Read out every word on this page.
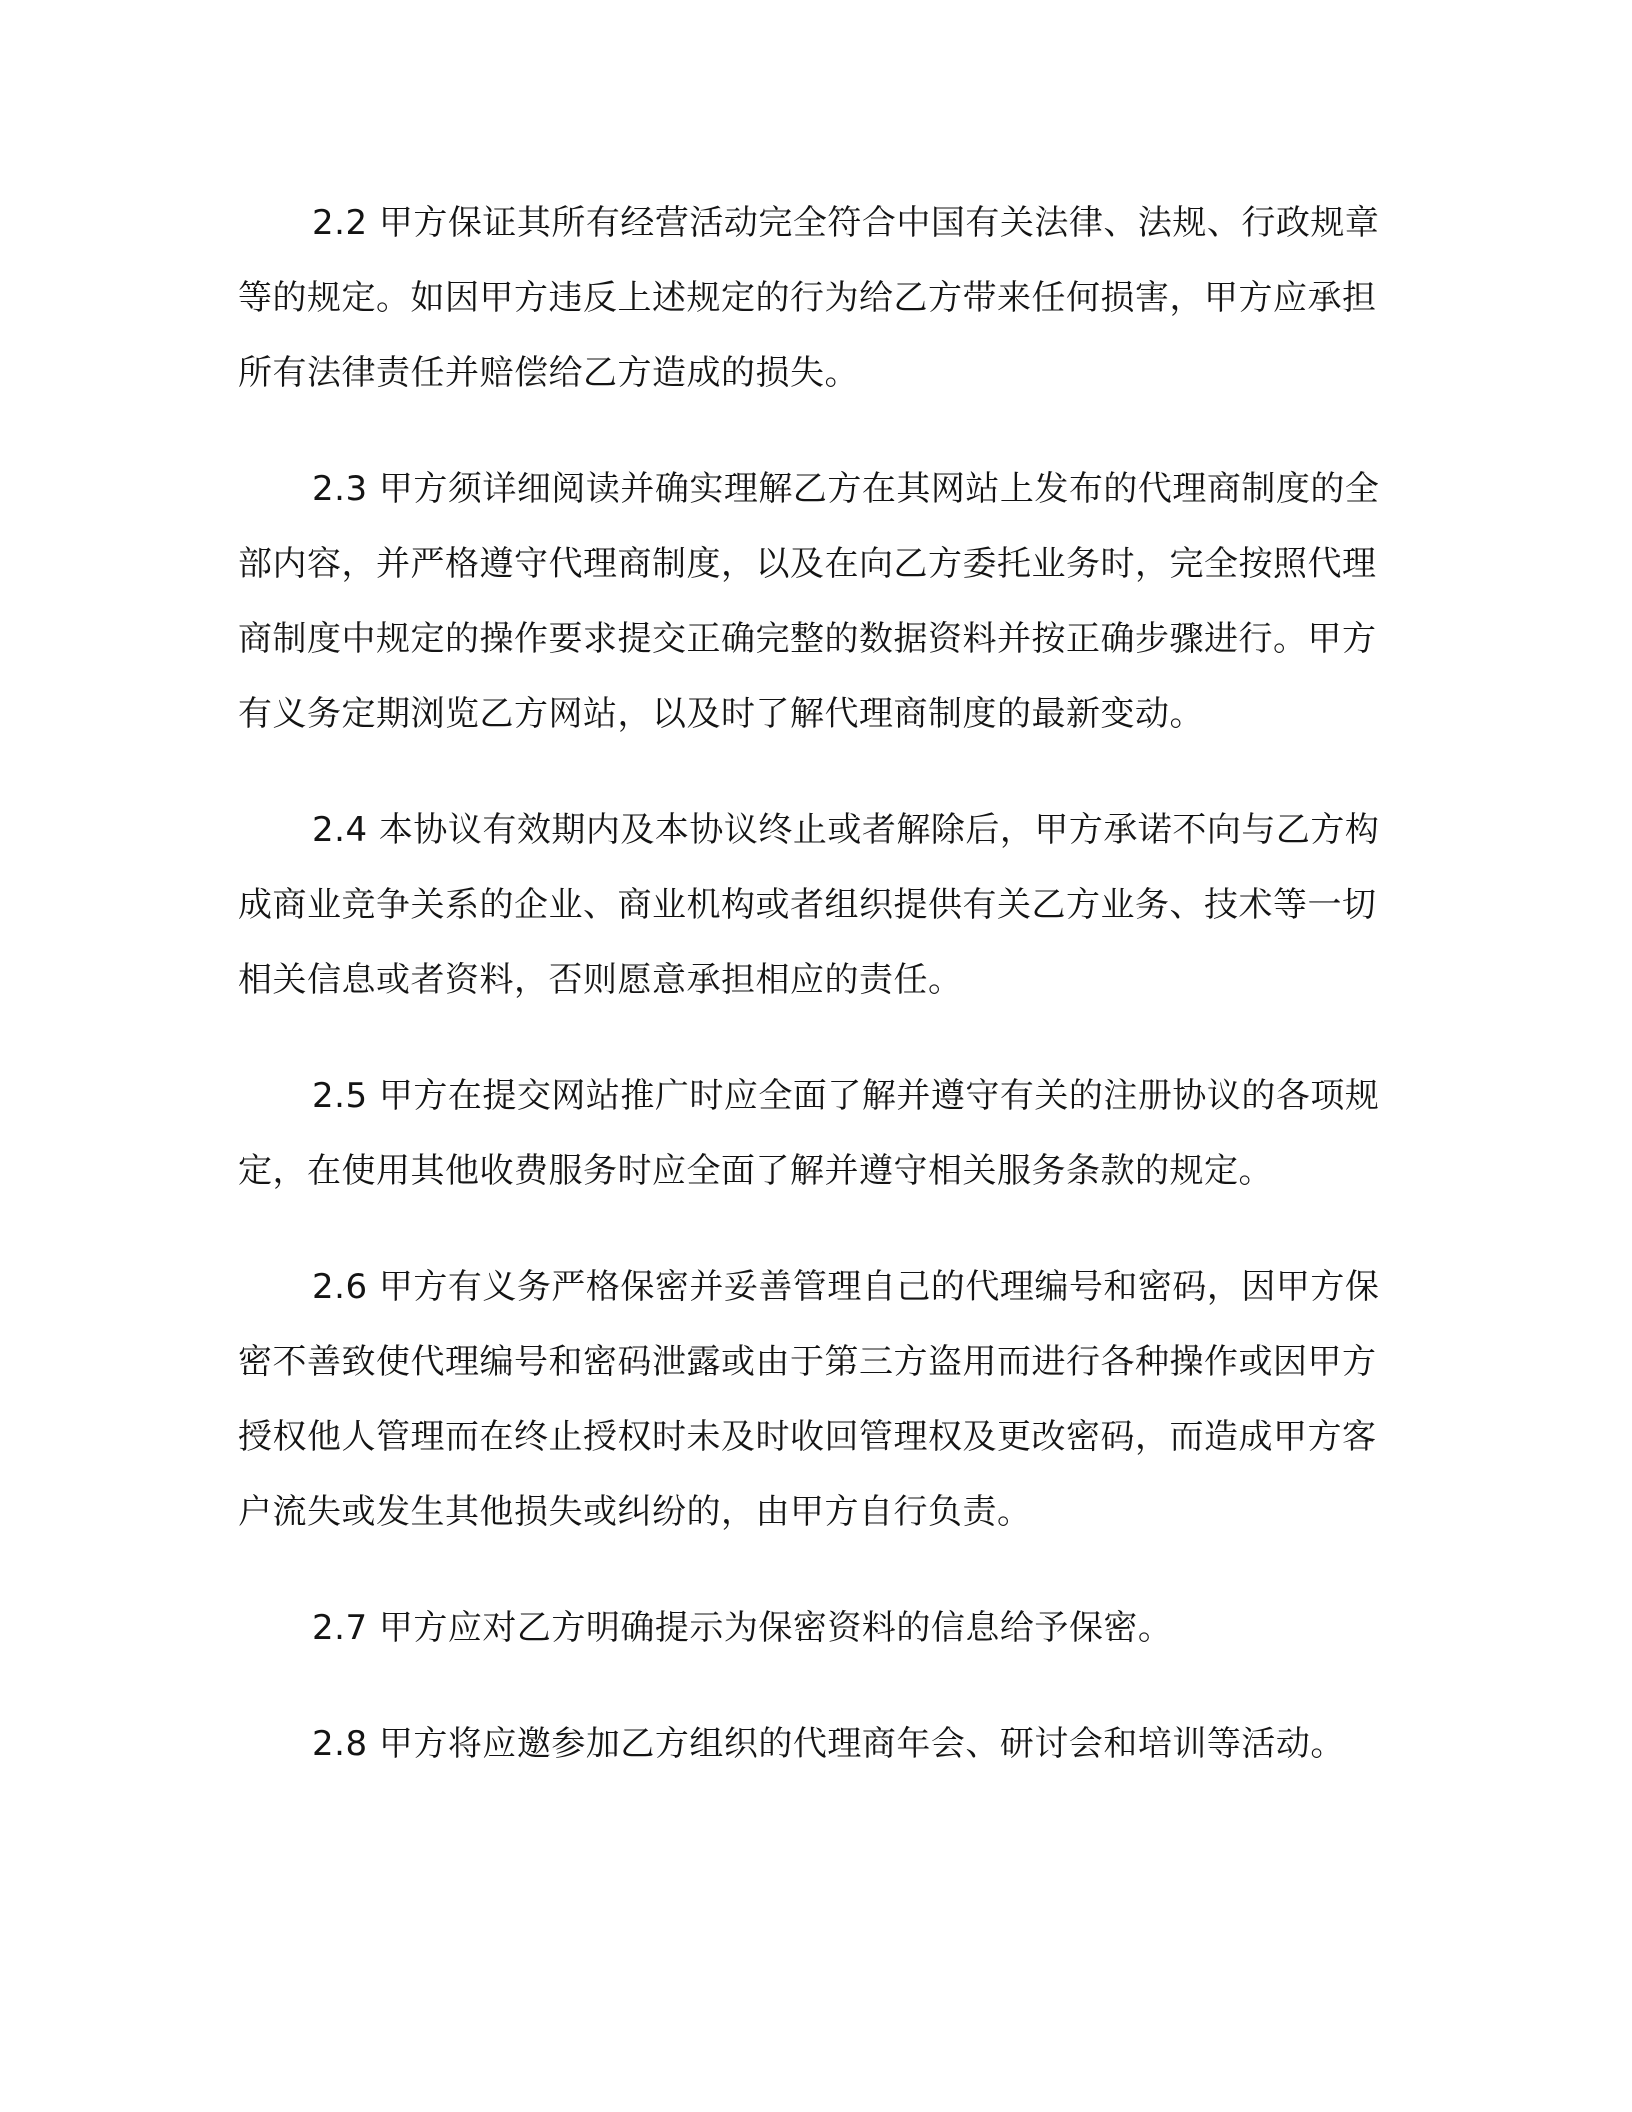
2.2 甲方保证其所有经营活动完全符合中国有关法律、法规、行政规章等的规定。如因甲方违反上述规定的行为给乙方带来任何损害，甲方应承担所有法律责任并赔偿给乙方造成的损失。

2.3 甲方须详细阅读并确实理解乙方在其网站上发布的代理商制度的全部内容，并严格遵守代理商制度，以及在向乙方委托业务时，完全按照代理商制度中规定的操作要求提交正确完整的数据资料并按正确步骤进行。甲方有义务定期浏览乙方网站，以及时了解代理商制度的最新变动。

2.4 本协议有效期内及本协议终止或者解除后，甲方承诺不向与乙方构成商业竞争关系的企业、商业机构或者组织提供有关乙方业务、技术等一切相关信息或者资料，否则愿意承担相应的责任。

2.5 甲方在提交网站推广时应全面了解并遵守有关的注册协议的各项规定，在使用其他收费服务时应全面了解并遵守相关服务条款的规定。

2.6 甲方有义务严格保密并妥善管理自己的代理编号和密码，因甲方保密不善致使代理编号和密码泄露或由于第三方盗用而进行各种操作或因甲方授权他人管理而在终止授权时未及时收回管理权及更改密码，而造成甲方客户流失或发生其他损失或纠纷的，由甲方自行负责。

2.7 甲方应对乙方明确提示为保密资料的信息给予保密。

2.8 甲方将应邀参加乙方组织的代理商年会、研讨会和培训等活动。
